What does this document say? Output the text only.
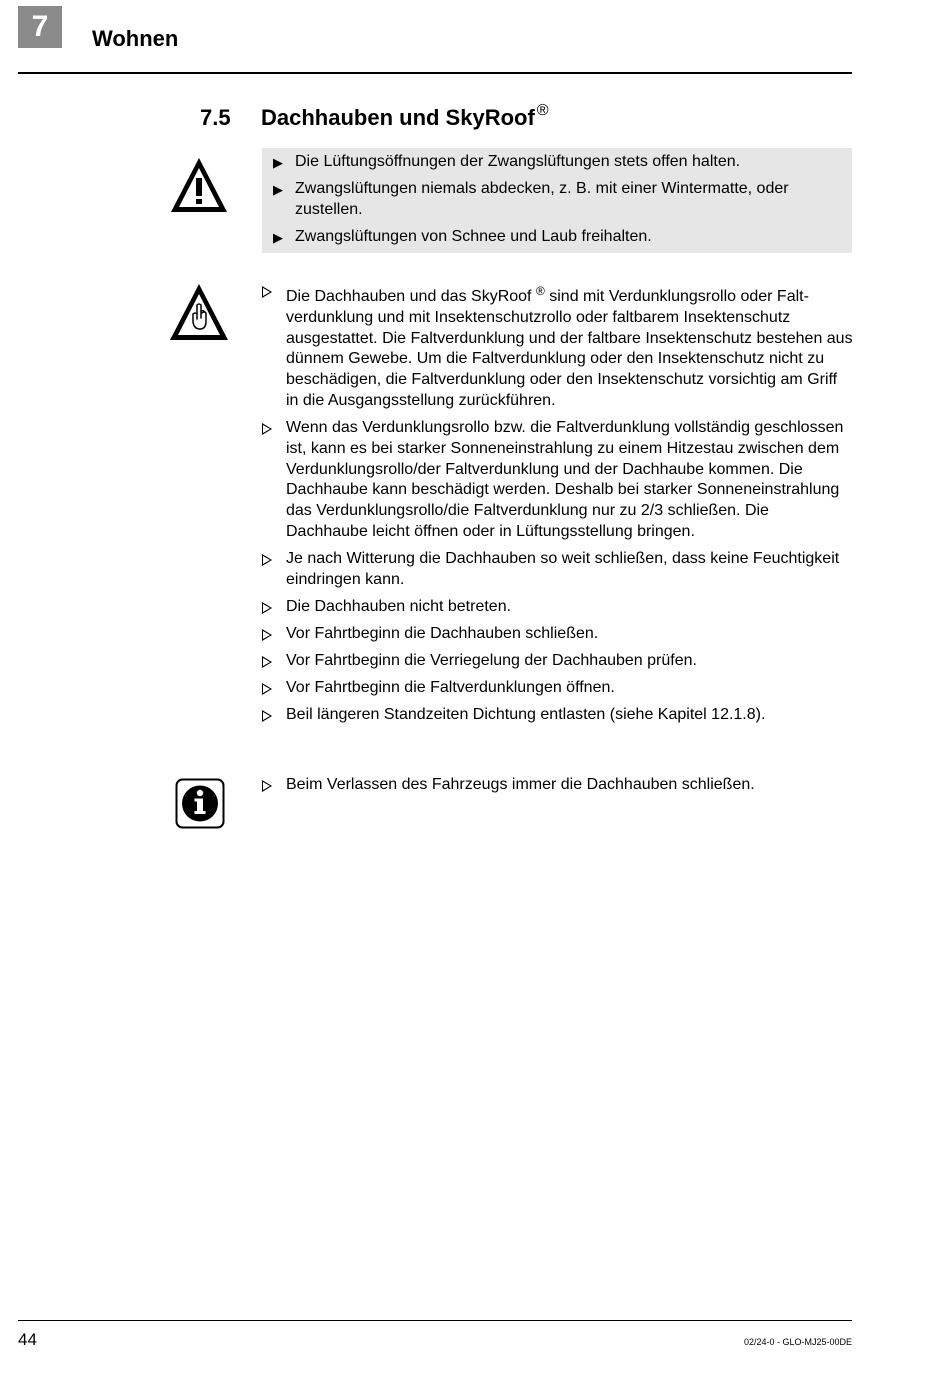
7	Wohnen
7.5 Dachhauben und SkyRoof ®
▶ Die Lüftungsöffnungen der Zwangslüftungen stets offen halten.
▶ Zwangslüftungen niemals abdecken, z. B. mit einer Wintermatte, oder zustellen.
▶ Zwangslüftungen von Schnee und Laub freihalten.
Die Dachhauben und das SkyRoof ® sind mit Verdunklungsrollo oder Faltverdunklung und mit Insektenschutzrollo oder faltbarem Insektenschutz ausgestattet. Die Faltverdunklung und der faltbare Insektenschutz bestehen aus dünnem Gewebe. Um die Faltverdunklung oder den Insektenschutz nicht zu beschädigen, die Faltverdunklung oder den Insektenschutz vorsichtig am Griff in die Ausgangsstellung zurückführen.
Wenn das Verdunklungsrollo bzw. die Faltverdunklung vollständig geschlossen ist, kann es bei starker Sonneneinstrahlung zu einem Hitzestau zwischen dem Verdunklungsrollo/der Faltverdunklung und der Dachhaube kommen. Die Dachhaube kann beschädigt werden. Deshalb bei starker Sonneneinstrahlung das Verdunklungsrollo/die Faltverdunklung nur zu 2/3 schließen. Die Dachhaube leicht öffnen oder in Lüftungsstellung bringen.
Je nach Witterung die Dachhauben so weit schließen, dass keine Feuchtigkeit eindringen kann.
Die Dachhauben nicht betreten.
Vor Fahrtbeginn die Dachhauben schließen.
Vor Fahrtbeginn die Verriegelung der Dachhauben prüfen.
Vor Fahrtbeginn die Faltverdunklungen öffnen.
Beil längeren Standzeiten Dichtung entlasten (siehe Kapitel 12.1.8).
Beim Verlassen des Fahrzeugs immer die Dachhauben schließen.
44	02/24-0 - GLO-MJ25-00DE
